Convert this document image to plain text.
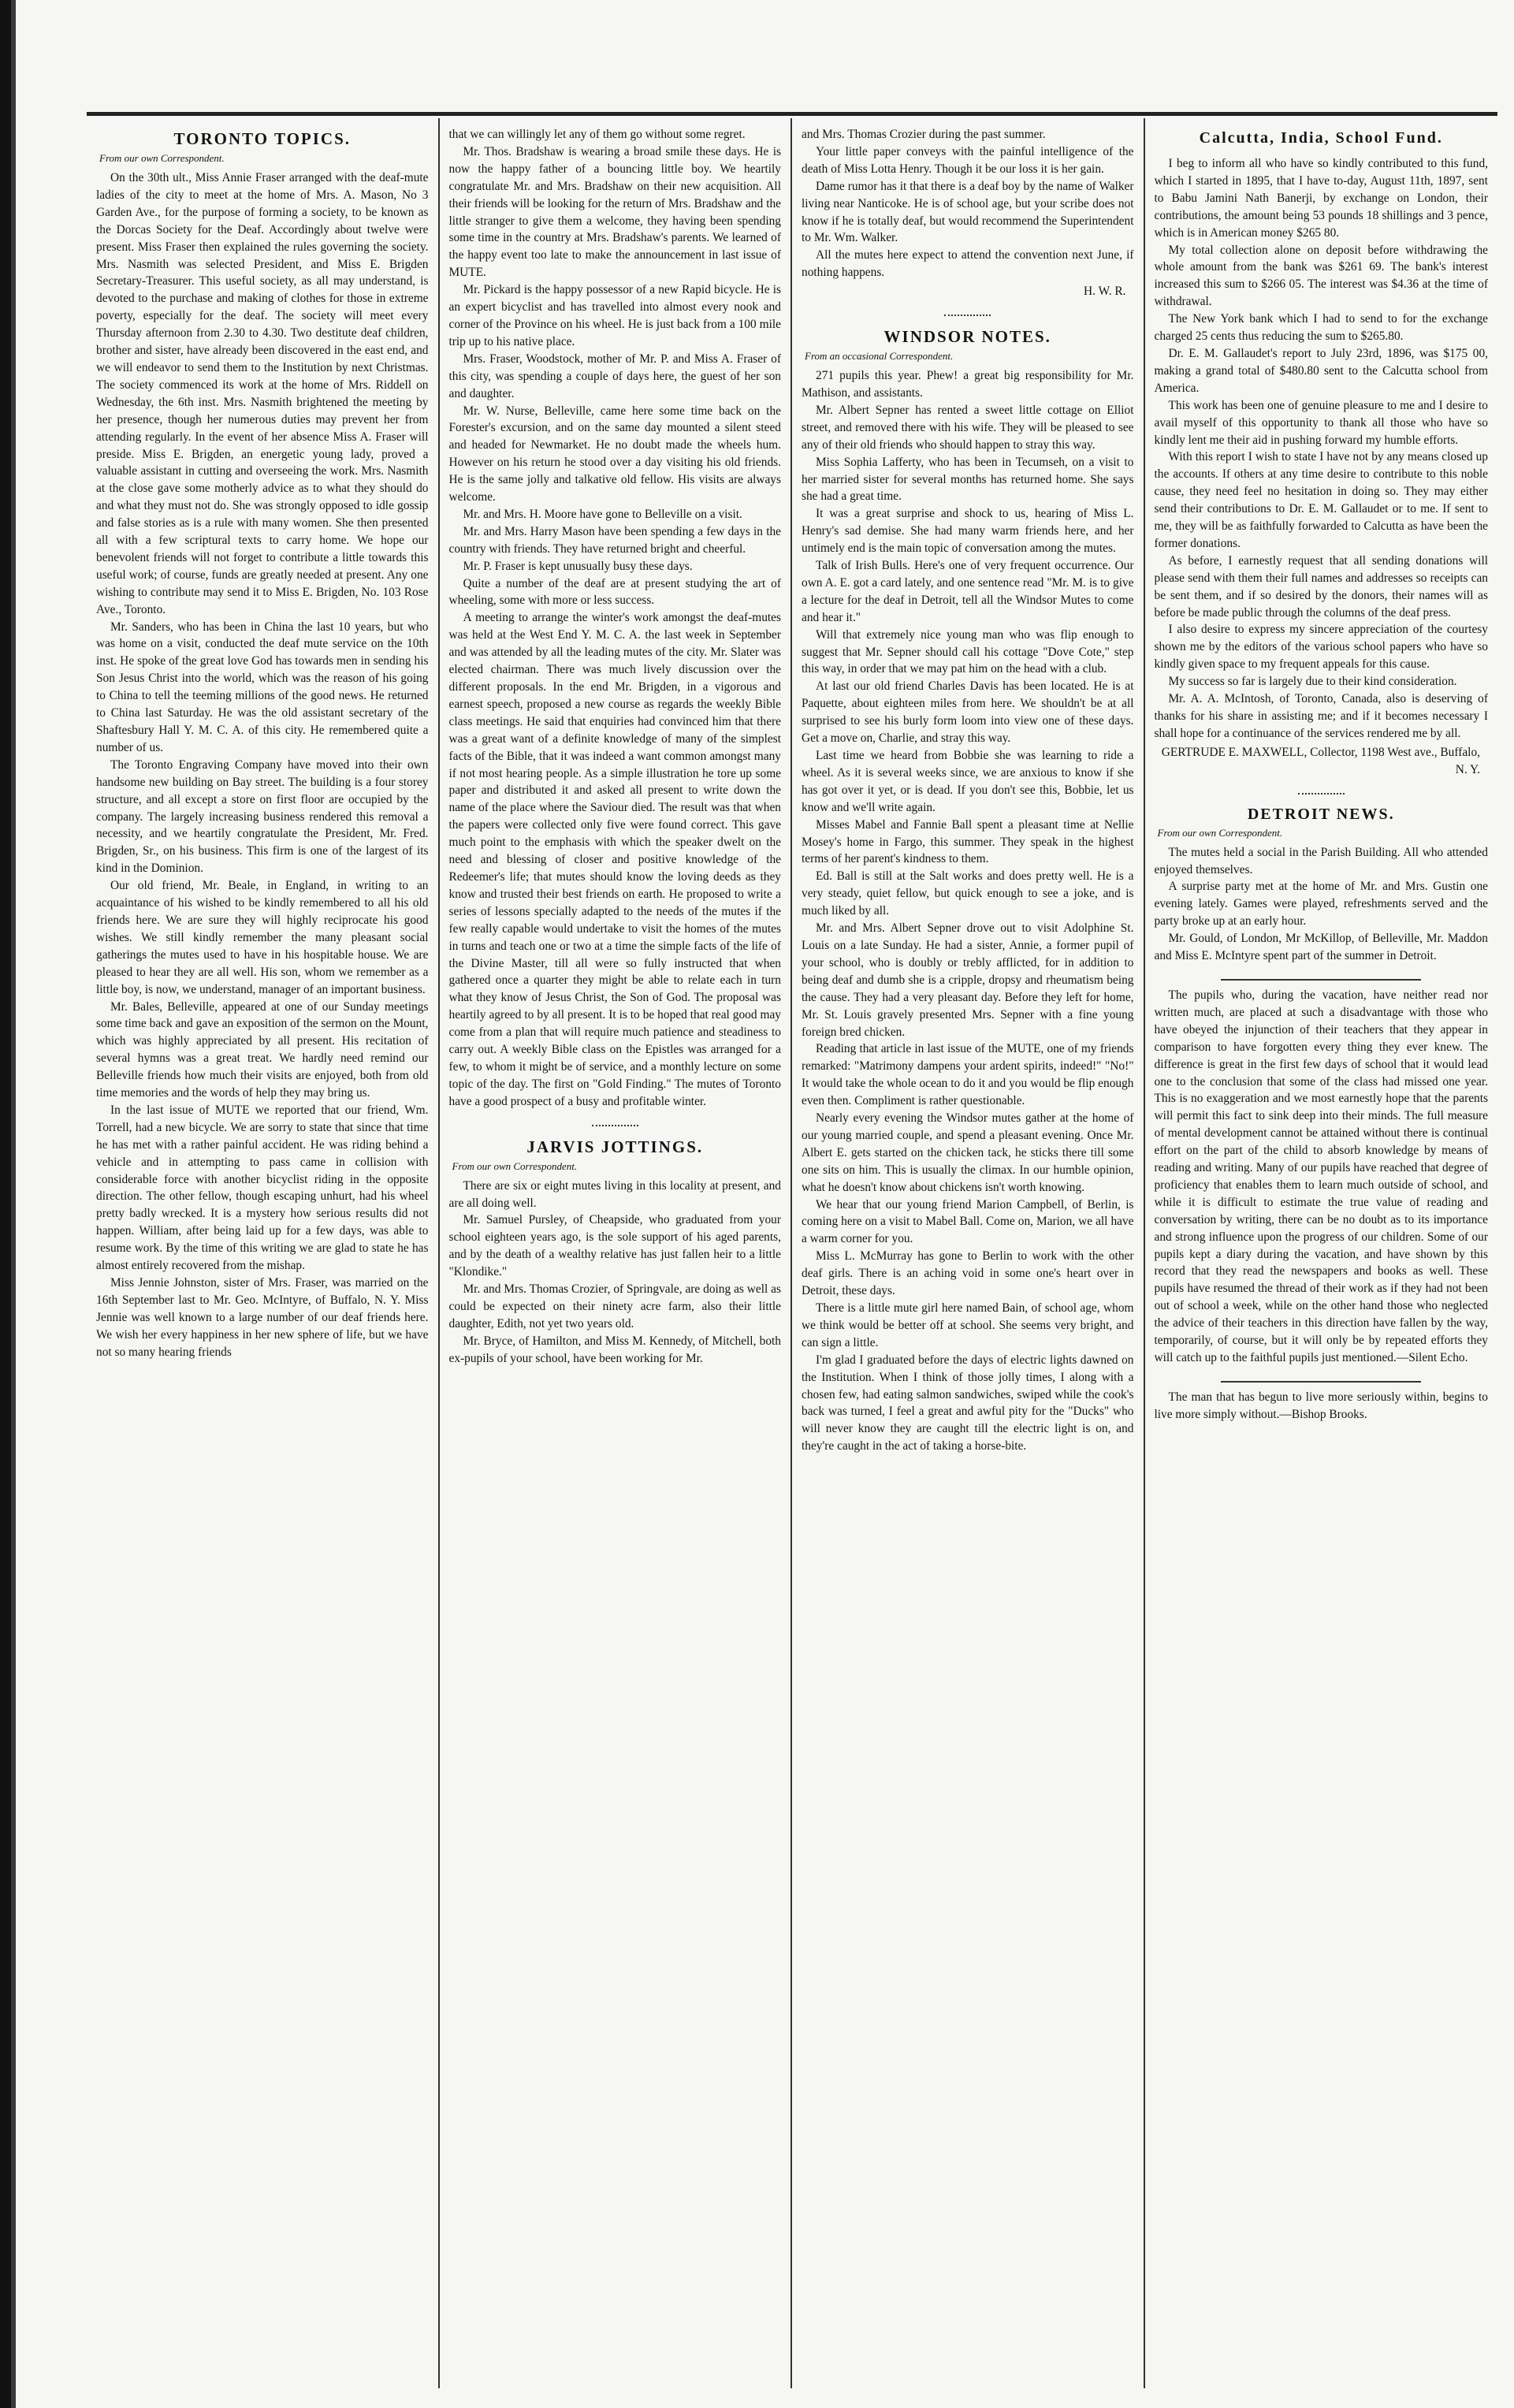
TORONTO TOPICS.
From our own Correspondent.

On the 30th ult., Miss Annie Fraser arranged with the deaf-mute ladies of the city to meet at the home of Mrs. A. Mason, No 3 Garden Ave., for the purpose of forming a society, to be known as the Dorcas Society for the Deaf. Accordingly about twelve were present. Miss Fraser then explained the rules governing the society. Mrs. Nasmith was selected President, and Miss E. Brigden Secretary-Treasurer. This useful society, as all may understand, is devoted to the purchase and making of clothes for those in extreme poverty, especially for the deaf. The society will meet every Thursday afternoon from 2.30 to 4.30. Two destitute deaf children, brother and sister, have already been discovered in the east end, and we will endeavor to send them to the Institution by next Christmas. The society commenced its work at the home of Mrs. Riddell on Wednesday, the 6th inst. Mrs. Nasmith brightened the meeting by her presence, though her numerous duties may prevent her from attending regularly. In the event of her absence Miss A. Fraser will preside. Miss E. Brigden, an energetic young lady, proved a valuable assistant in cutting and overseeing the work. Mrs. Nasmith at the close gave some motherly advice as to what they should do and what they must not do. She was strongly opposed to idle gossip and false stories as is a rule with many women. She then presented all with a few scriptural texts to carry home. We hope our benevolent friends will not forget to contribute a little towards this useful work; of course, funds are greatly needed at present. Any one wishing to contribute may send it to Miss E. Brigden, No. 103 Rose Ave., Toronto.

Mr. Sanders, who has been in China the last 10 years, but who was home on a visit, conducted the deaf mute service on the 10th inst. He spoke of the great love God has towards men in sending his Son Jesus Christ into the world, which was the reason of his going to China to tell the teeming millions of the good news. He returned to China last Saturday. He was the old assistant secretary of the Shaftesbury Hall Y. M. C. A. of this city. He remembered quite a number of us.

The Toronto Engraving Company have moved into their own handsome new building on Bay street. The building is a four storey structure, and all except a store on first floor are occupied by the company. The largely increasing business rendered this removal a necessity, and we heartily congratulate the President, Mr. Fred. Brigden, Sr., on his business. This firm is one of the largest of its kind in the Dominion.

Our old friend, Mr. Beale, in England, in writing to an acquaintance of his wished to be kindly remembered to all his old friends here. We are sure they will highly reciprocate his good wishes. We still kindly remember the many pleasant social gatherings the mutes used to have in his hospitable house. We are pleased to hear they are all well. His son, whom we remember as a little boy, is now, we understand, manager of an important business.

Mr. Bales, Belleville, appeared at one of our Sunday meetings some time back and gave an exposition of the sermon on the Mount, which was highly appreciated by all present. His recitation of several hymns was a great treat. We hardly need remind our Belleville friends how much their visits are enjoyed, both from old time memories and the words of help they may bring us.

In the last issue of MUTE we reported that our friend, Wm. Torrell, had a new bicycle. We are sorry to state that since that time he has met with a rather painful accident. He was riding behind a vehicle and in attempting to pass came in collision with considerable force with another bicyclist riding in the opposite direction. The other fellow, though escaping unhurt, had his wheel pretty badly wrecked. It is a mystery how serious results did not happen. William, after being laid up for a few days, was able to resume work. By the time of this writing we are glad to state he has almost entirely recovered from the mishap.

Miss Jennie Johnston, sister of Mrs. Fraser, was married on the 16th September last to Mr. Geo. McIntyre, of Buffalo, N. Y. Miss Jennie was well known to a large number of our deaf friends here. We wish her every happiness in her new sphere of life, but we have not so many hearing friends

that we can willingly let any of them go without some regret.

Mr. Thos. Bradshaw is wearing a broad smile these days. He is now the happy father of a bouncing little boy. We heartily congratulate Mr. and Mrs. Bradshaw on their new acquisition. All their friends will be looking for the return of Mrs. Bradshaw and the little stranger to give them a welcome, they having been spending some time in the country at Mrs. Bradshaw's parents. We learned of the happy event too late to make the announcement in last issue of MUTE.

Mr. Pickard is the happy possessor of a new Rapid bicycle. He is an expert bicyclist and has travelled into almost every nook and corner of the Province on his wheel. He is just back from a 100 mile trip up to his native place.

Mrs. Fraser, Woodstock, mother of Mr. P. and Miss A. Fraser of this city, was spending a couple of days here, the guest of her son and daughter.

Mr. W. Nurse, Belleville, came here some time back on the Forester's excursion, and on the same day mounted a silent steed and headed for Newmarket. He no doubt made the wheels hum. However on his return he stood over a day visiting his old friends. He is the same jolly and talkative old fellow. His visits are always welcome.

Mr. and Mrs. H. Moore have gone to Belleville on a visit.

Mr. and Mrs. Harry Mason have been spending a few days in the country with friends. They have returned bright and cheerful.

Mr. P. Fraser is kept unusually busy these days.

Quite a number of the deaf are at present studying the art of wheeling, some with more or less success.

A meeting to arrange the winter's work amongst the deaf-mutes was held at the West End Y. M. C. A. the last week in September and was attended by all the leading mutes of the city. Mr. Slater was elected chairman. There was much lively discussion over the different proposals. In the end Mr. Brigden, in a vigorous and earnest speech, proposed a new course as regards the weekly Bible class meetings. He said that enquiries had convinced him that there was a great want of a definite knowledge of many of the simplest facts of the Bible, that it was indeed a want common amongst many if not most hearing people. As a simple illustration he tore up some paper and distributed it and asked all present to write down the name of the place where the Saviour died. The result was that when the papers were collected only five were found correct. This gave much point to the emphasis with which the speaker dwelt on the need and blessing of closer and positive knowledge of the Redeemer's life; that mutes should know the loving deeds as they know and trusted their best friends on earth. He proposed to write a series of lessons specially adapted to the needs of the mutes if the few really capable would undertake to visit the homes of the mutes in turns and teach one or two at a time the simple facts of the life of the Divine Master, till all were so fully instructed that when gathered once a quarter they might be able to relate each in turn what they know of Jesus Christ, the Son of God. The proposal was heartily agreed to by all present. It is to be hoped that real good may come from a plan that will require much patience and steadiness to carry out. A weekly Bible class on the Epistles was arranged for a few, to whom it might be of service, and a monthly lecture on some topic of the day. The first on "Gold Finding." The mutes of Toronto have a good prospect of a busy and profitable winter.

JARVIS JOTTINGS.
From our own Correspondent.

There are six or eight mutes living in this locality at present, and are all doing well.

Mr. Samuel Pursley, of Cheapside, who graduated from your school eighteen years ago, is the sole support of his aged parents, and by the death of a wealthy relative has just fallen heir to a little "Klondike."

Mr. and Mrs. Thomas Crozier, of Springvale, are doing as well as could be expected on their ninety acre farm, also their little daughter, Edith, not yet two years old.

Mr. Bryce, of Hamilton, and Miss M. Kennedy, of Mitchell, both ex-pupils of your school, have been working for Mr.

and Mrs. Thomas Crozier during the past summer.

Your little paper conveys with the painful intelligence of the death of Miss Lotta Henry. Though it be our loss it is her gain.

Dame rumor has it that there is a deaf boy by the name of Walker living near Nanticoke. He is of school age, but your scribe does not know if he is totally deaf, but would recommend the Superintendent to Mr. Wm. Walker.

All the mutes here expect to attend the convention next June, if nothing happens.

H. W. R.

WINDSOR NOTES.
From an occasional Correspondent.

271 pupils this year. Phew! a great big responsibility for Mr. Mathison, and assistants.

Mr. Albert Sepner has rented a sweet little cottage on Elliot street, and removed there with his wife. They will be pleased to see any of their old friends who should happen to stray this way.

Miss Sophia Lafferty, who has been in Tecumseh, on a visit to her married sister for several months has returned home. She says she had a great time.

It was a great surprise and shock to us, hearing of Miss L. Henry's sad demise. She had many warm friends here, and her untimely end is the main topic of conversation among the mutes.

Talk of Irish Bulls. Here's one of very frequent occurrence. Our own A. E. got a card lately, and one sentence read "Mr. M. is to give a lecture for the deaf in Detroit, tell all the Windsor Mutes to come and hear it."

Will that extremely nice young man who was flip enough to suggest that Mr. Sepner should call his cottage "Dove Cote," step this way, in order that we may pat him on the head with a club.

At last our old friend Charles Davis has been located. He is at Paquette, about eighteen miles from here. We shouldn't be at all surprised to see his burly form loom into view one of these days. Get a move on, Charlie, and stray this way.

Last time we heard from Bobbie she was learning to ride a wheel. As it is several weeks since, we are anxious to know if she has got over it yet, or is dead. If you don't see this, Bobbie, let us know and we'll write again.

Misses Mabel and Fannie Ball spent a pleasant time at Nellie Mosey's home in Fargo, this summer. They speak in the highest terms of her parent's kindness to them.

Ed. Ball is still at the Salt works and does pretty well. He is a very steady, quiet fellow, but quick enough to see a joke, and is much liked by all.

Mr. and Mrs. Albert Sepner drove out to visit Adolphine St. Louis on a late Sunday. He had a sister, Annie, a former pupil of your school, who is doubly or trebly afflicted, for in addition to being deaf and dumb she is a cripple, dropsy and rheumatism being the cause. They had a very pleasant day. Before they left for home, Mr. St. Louis gravely presented Mrs. Sepner with a fine young foreign bred chicken.

Reading that article in last issue of the MUTE, one of my friends remarked: "Matrimony dampens your ardent spirits, indeed!" "No!" It would take the whole ocean to do it and you would be flip enough even then. Compliment is rather questionable.

Nearly every evening the Windsor mutes gather at the home of our young married couple, and spend a pleasant evening. Once Mr. Albert E. gets started on the chicken tack, he sticks there till some one sits on him. This is usually the climax. In our humble opinion, what he doesn't know about chickens isn't worth knowing.

We hear that our young friend Marion Campbell, of Berlin, is coming here on a visit to Mabel Ball. Come on, Marion, we all have a warm corner for you.

Miss L. McMurray has gone to Berlin to work with the other deaf girls. There is an aching void in some one's heart over in Detroit, these days.

There is a little mute girl here named Bain, of school age, whom we think would be better off at school. She seems very bright, and can sign a little.

I'm glad I graduated before the days of electric lights dawned on the Institution. When I think of those jolly times, I along with a chosen few, had eating salmon sandwiches, swiped while the cook's back was turned, I feel a great and awful pity for the "Ducks" who will never know they are caught till the electric light is on, and they're caught in the act of taking a horse-bite.

Calcutta, India, School Fund.

I beg to inform all who have so kindly contributed to this fund, which I started in 1895, that I have to-day, August 11th, 1897, sent to Babu Jamini Nath Banerji, by exchange on London, their contributions, the amount being 53 pounds 18 shillings and 3 pence, which is in American money $265 80.

My total collection alone on deposit before withdrawing the whole amount from the bank was $261 69. The bank's interest increased this sum to $266 05. The interest was $4.36 at the time of withdrawal.

The New York bank which I had to send to for the exchange charged 25 cents thus reducing the sum to $265.80.

Dr. E. M. Gallaudet's report to July 23rd, 1896, was $175 00, making a grand total of $480.80 sent to the Calcutta school from America.

This work has been one of genuine pleasure to me and I desire to avail myself of this opportunity to thank all those who have so kindly lent me their aid in pushing forward my humble efforts.

With this report I wish to state I have not by any means closed up the accounts. If others at any time desire to contribute to this noble cause, they need feel no hesitation in doing so. They may either send their contributions to Dr. E. M. Gallaudet or to me. If sent to me, they will be as faithfully forwarded to Calcutta as have been the former donations.

As before, I earnestly request that all sending donations will please send with them their full names and addresses so receipts can be sent them, and if so desired by the donors, their names will as before be made public through the columns of the deaf press.

I also desire to express my sincere appreciation of the courtesy shown me by the editors of the various school papers who have so kindly given space to my frequent appeals for this cause.

My success so far is largely due to their kind consideration.

Mr. A. A. McIntosh, of Toronto, Canada, also is deserving of thanks for his share in assisting me; and if it becomes necessary I shall hope for a continuance of the services rendered me by all.

GERTRUDE E. MAXWELL, Collector, 1198 West ave., Buffalo, N. Y.

DETROIT NEWS.
From our own Correspondent.

The mutes held a social in the Parish Building. All who attended enjoyed themselves.

A surprise party met at the home of Mr. and Mrs. Gustin one evening lately. Games were played, refreshments served and the party broke up at an early hour.

Mr. Gould, of London, Mr McKillop, of Belleville, Mr. Maddon and Miss E. McIntyre spent part of the summer in Detroit.

The pupils who, during the vacation, have neither read nor written much, are placed at such a disadvantage with those who have obeyed the injunction of their teachers that they appear in comparison to have forgotten every thing they ever knew. The difference is great in the first few days of school that it would lead one to the conclusion that some of the class had missed one year. This is no exaggeration and we most earnestly hope that the parents will permit this fact to sink deep into their minds. The full measure of mental development cannot be attained without there is continual effort on the part of the child to absorb knowledge by means of reading and writing. Many of our pupils have reached that degree of proficiency that enables them to learn much outside of school, and while it is difficult to estimate the true value of reading and conversation by writing, there can be no doubt as to its importance and strong influence upon the progress of our children. Some of our pupils kept a diary during the vacation, and have shown by this record that they read the newspapers and books as well. These pupils have resumed the thread of their work as if they had not been out of school a week, while on the other hand those who neglected the advice of their teachers in this direction have fallen by the way, temporarily, of course, but it will only be by repeated efforts they will catch up to the faithful pupils just mentioned.—Silent Echo.

The man that has begun to live more seriously within, begins to live more simply without.—Bishop Brooks.
